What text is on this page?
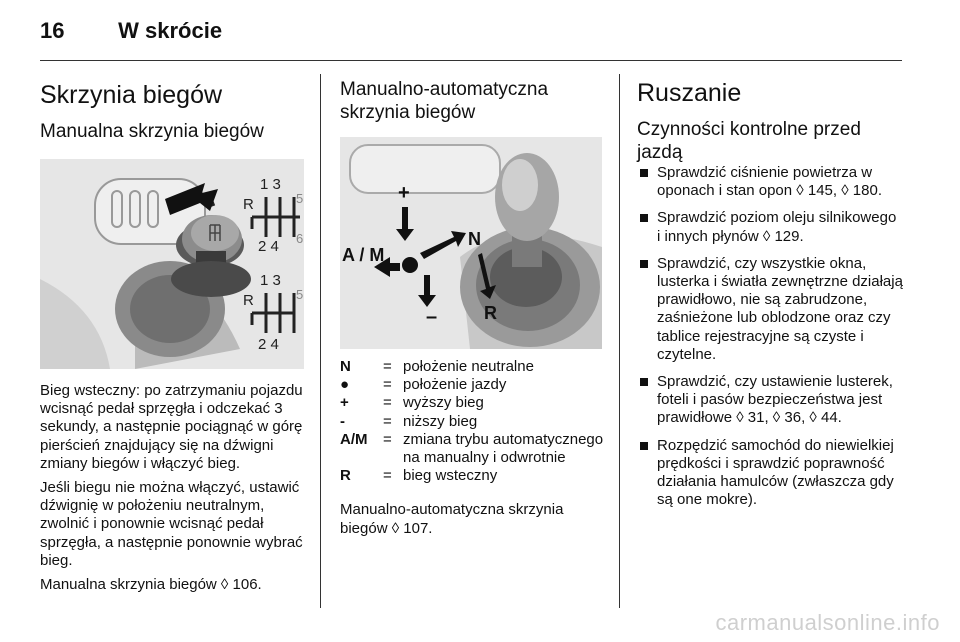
16 W skrócie
Skrzynia biegów
Manualna skrzynia biegów
1 3
2 4
R	5
6
1 3
2 4
R	5

Bieg wsteczny: po zatrzymaniu pojazdu wcisnąć pedał sprzęgła i odczekać 3 sekundy, a następnie pociągnąć w górę pierścień znajdujący się na dźwigni zmiany biegów i włączyć bieg.

Jeśli biegu nie można włączyć, ustawić dźwignię w położeniu neutralnym, zwolnić i ponownie wcisnąć pedał sprzęgła, a następnie ponownie wybrać bieg.

Manualna skrzynia biegów ◊ 106.

Manualno-automatyczna
skrzynia biegów
+
A / M
N
–	R
N	= położenie neutralne
●	= położenie jazdy
+	= wyższy bieg
-	= niższy bieg
A/M	= zmiana trybu automatycznego na manualny i odwrotnie
R	= bieg wsteczny

Manualno-automatyczna skrzynia biegów ◊ 107.

Ruszanie
Czynności kontrolne przed jazdą
Sprawdzić ciśnienie powietrza w oponach i stan opon ◊ 145, ◊ 180.
Sprawdzić poziom oleju silnikowego i innych płynów ◊ 129.
Sprawdzić, czy wszystkie okna, lusterka i światła zewnętrzne działają prawidłowo, nie są zabrudzone, zaśnieżone lub oblodzone oraz czy tablice rejestracyjne są czyste i czytelne.
Sprawdzić, czy ustawienie lusterek, foteli i pasów bezpieczeństwa jest prawidłowe ◊ 31, ◊ 36, ◊ 44.
Rozpędzić samochód do niewielkiej prędkości i sprawdzić poprawność działania hamulców (zwłaszcza gdy są one mokre).
carmanualsonline.info
